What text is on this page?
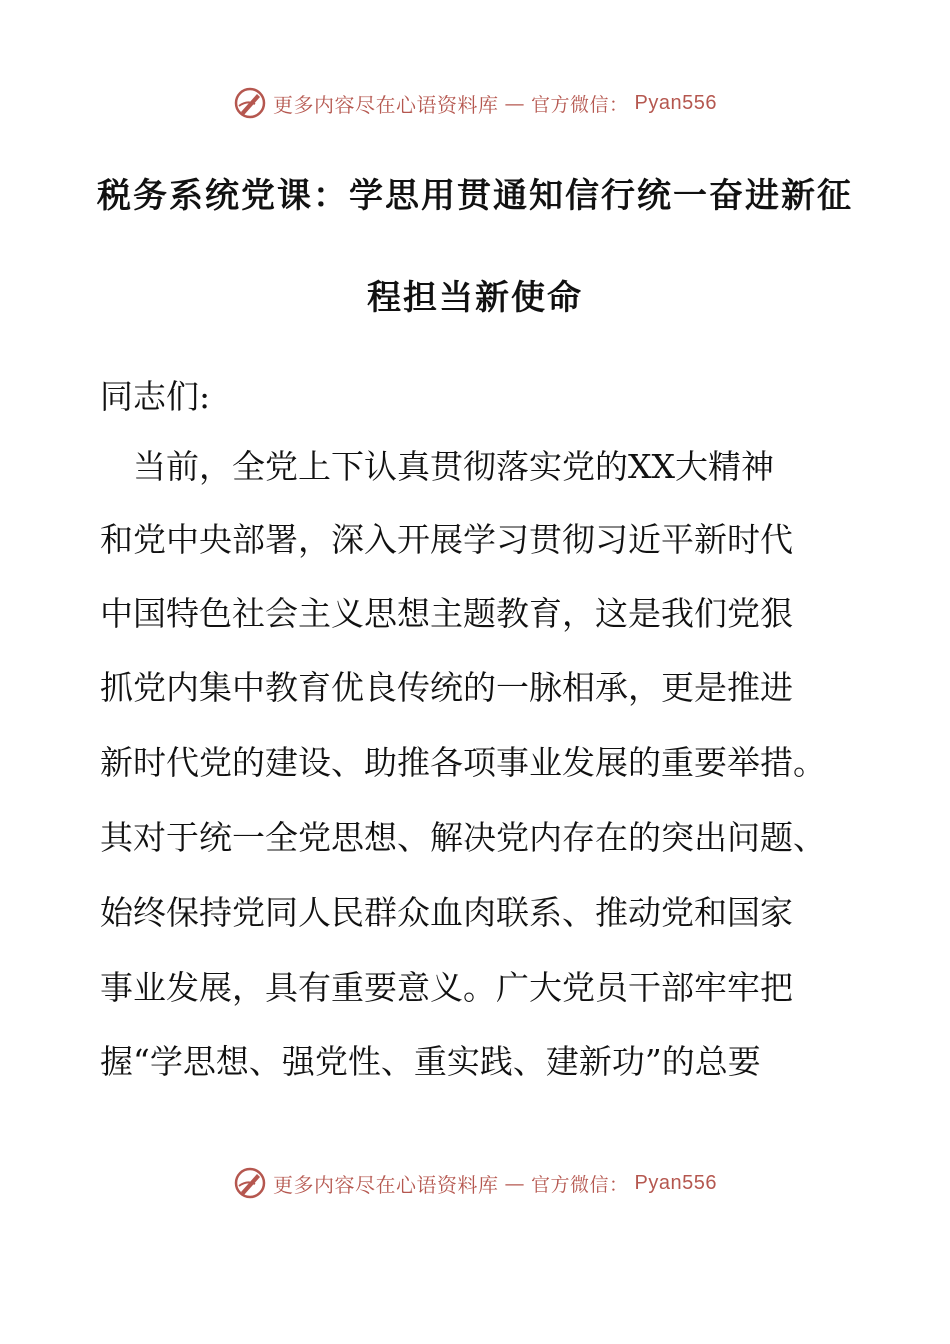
更多内容尽在心语资料库 — 官方微信： Pyan556
税务系统党课：学思用贯通知信行统一奋进新征
程担当新使命
同志们:
　当前，全党上下认真贯彻落实党的XX大精神
和党中央部署，深入开展学习贯彻习近平新时代
中国特色社会主义思想主题教育，这是我们党狠
抓党内集中教育优良传统的一脉相承，更是推进
新时代党的建设、助推各项事业发展的重要举措。
其对于统一全党思想、解决党内存在的突出问题、
始终保持党同人民群众血肉联系、推动党和国家
事业发展，具有重要意义。广大党员干部牢牢把
握“学思想、强党性、重实践、建新功”的总要
更多内容尽在心语资料库 — 官方微信： Pyan556
